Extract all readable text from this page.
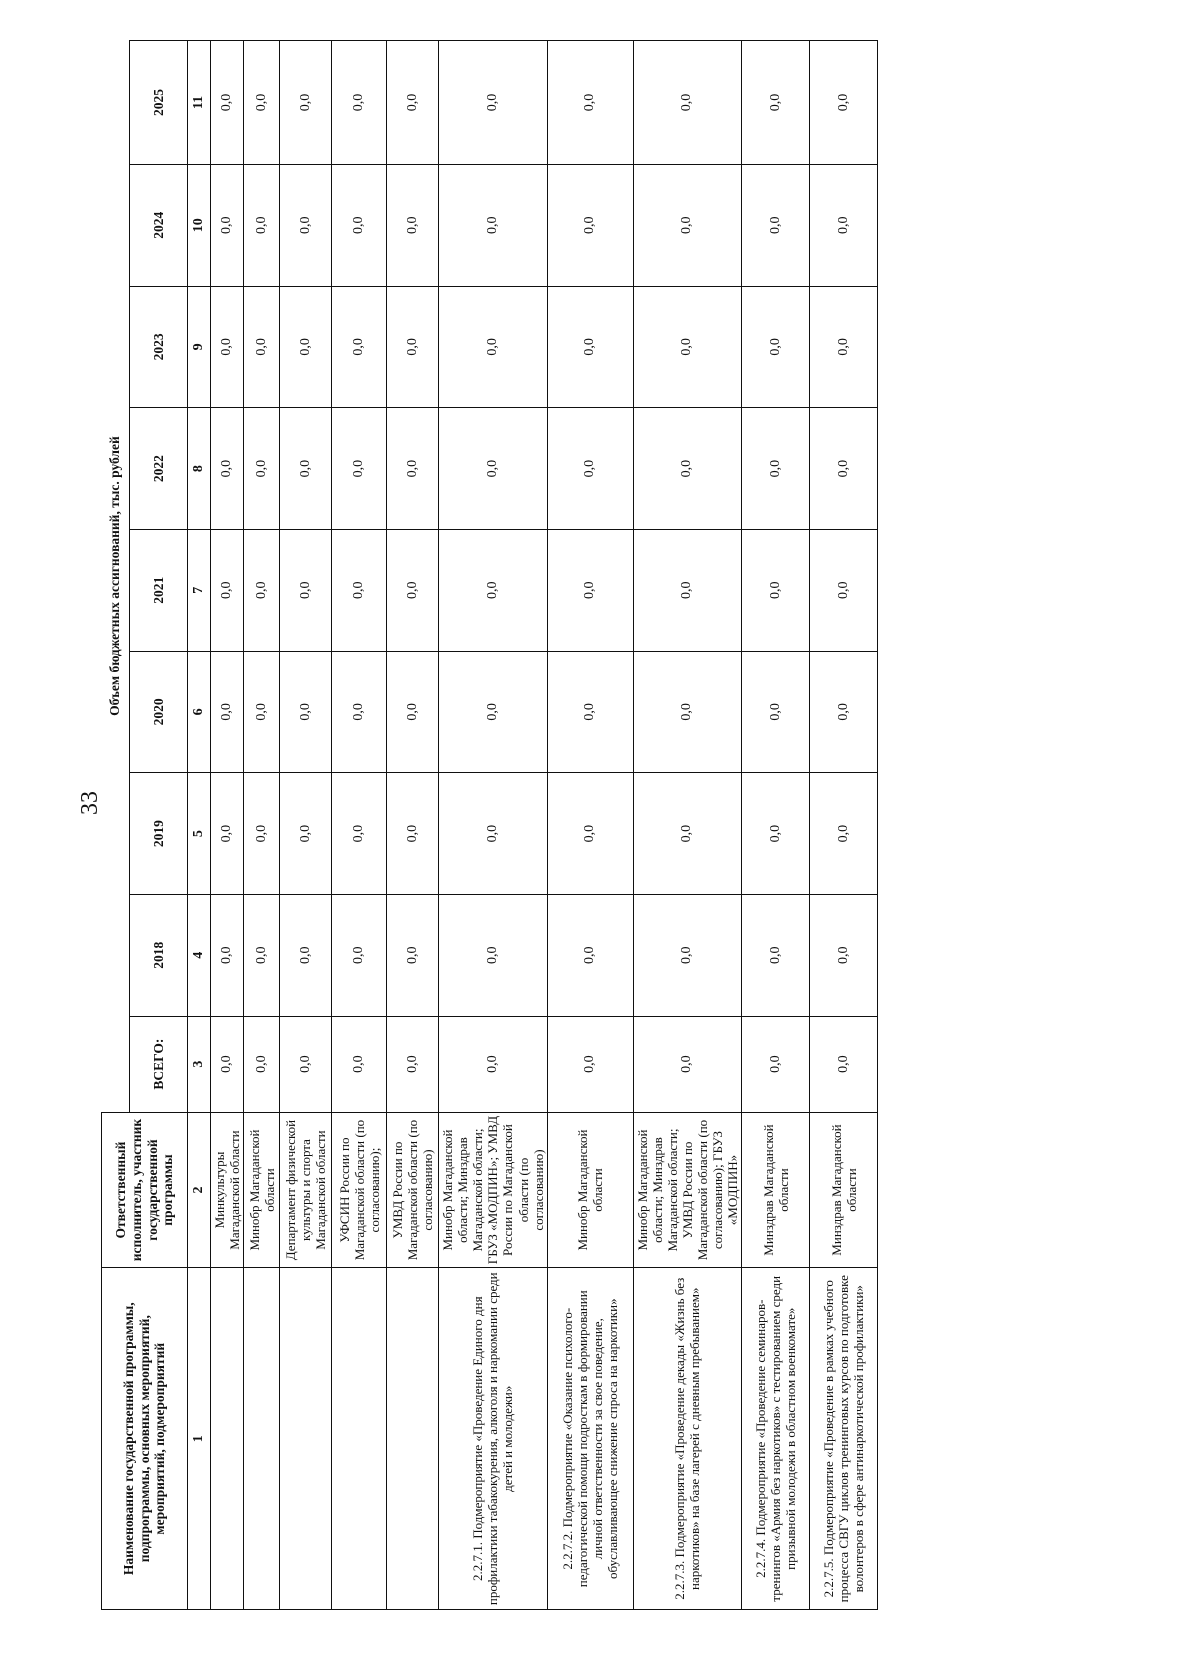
33
Наименование государственной программы, подпрограммы, основных мероприятий, мероприятий, подмероприятий	Ответственный исполнитель, участник государственной программы	Объем бюджетных ассигнований, тыс. рублей								
		ВСЕГО:	2018	2019	2020	2021	2022	2023	2024	2025
1	2	3	4	5	6	7	8	9	10	11
	Минкультуры Магаданской области	0,0	0,0	0,0	0,0	0,0	0,0	0,0	0,0	0,0
	Минобр Магаданской области	0,0	0,0	0,0	0,0	0,0	0,0	0,0	0,0	0,0
	Департамент физической культуры и спорта Магаданской области	0,0	0,0	0,0	0,0	0,0	0,0	0,0	0,0	0,0
	УФСИН России по Магаданской области (по согласованию);	0,0	0,0	0,0	0,0	0,0	0,0	0,0	0,0	0,0
	УМВД России по Магаданской области (по согласованию)	0,0	0,0	0,0	0,0	0,0	0,0	0,0	0,0	0,0
2.2.7.1. Подмероприятие «Проведение Единого дня профилактики табакокурения, алкоголя и наркомании среди детей и молодежи»	Минобр Магаданской области; Минздрав Магаданской области; ГБУЗ «МОДПИН»; УМВД России по Магаданской области (по согласованию)	0,0	0,0	0,0	0,0	0,0	0,0	0,0	0,0	0,0
2.2.7.2. Подмероприятие «Оказание психолого-педагогической помощи подросткам в формировании личной ответственности за свое поведение, обуславливающее снижение спроса на наркотики»	Минобр Магаданской области	0,0	0,0	0,0	0,0	0,0	0,0	0,0	0,0	0,0
2.2.7.3. Подмероприятие «Проведение декады «Жизнь без наркотиков» на базе лагерей с дневным пребыванием»	Минобр Магаданской области; Минздрав Магаданской области; УМВД России по Магаданской области (по согласованию); ГБУЗ «МОДПИН»	0,0	0,0	0,0	0,0	0,0	0,0	0,0	0,0	0,0
2.2.7.4. Подмероприятие «Проведение семинаров-тренингов «Армия без наркотиков» с тестированием среди призывной молодежи в областном военкомате»	Минздрав Магаданской области	0,0	0,0	0,0	0,0	0,0	0,0	0,0	0,0	0,0
2.2.7.5. Подмероприятие «Проведение в рамках учебного процесса СВГУ циклов тренинговых курсов по подготовке волонтеров в сфере антинаркотической профилактики»	Минздрав Магаданской области	0,0	0,0	0,0	0,0	0,0	0,0	0,0	0,0	0,0
